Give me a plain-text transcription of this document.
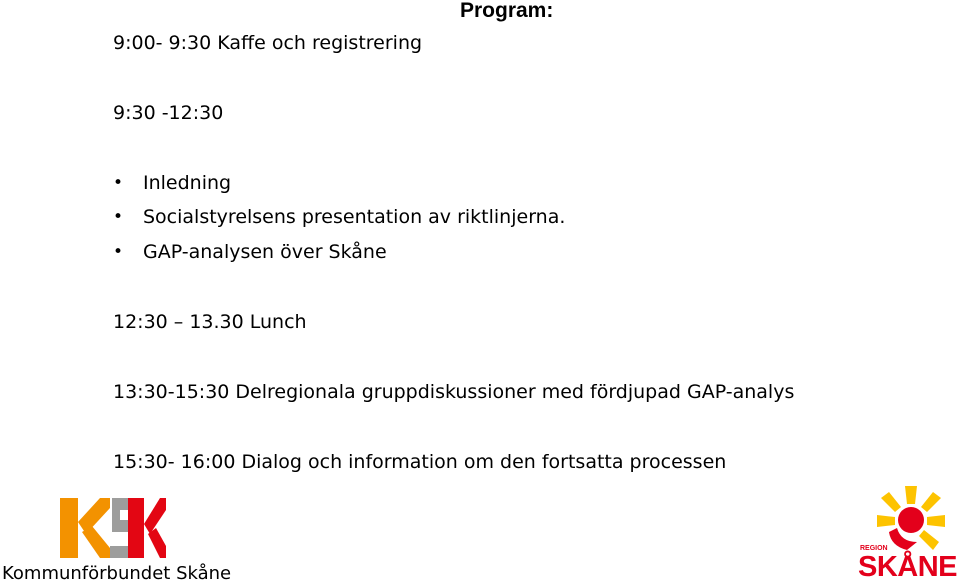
Program:
9:00- 9:30 Kaffe och registrering
9:30 -12:30
• Inledning
• Socialstyrelsens presentation av riktlinjerna.
• GAP-analysen över Skåne
12:30 – 13.30 Lunch
13:30-15:30 Delregionala gruppdiskussioner med fördjupad GAP-analys
15:30- 16:00 Dialog och information om den fortsatta processen
Kommunförbundet Skåne
REGION
SKÅNE
